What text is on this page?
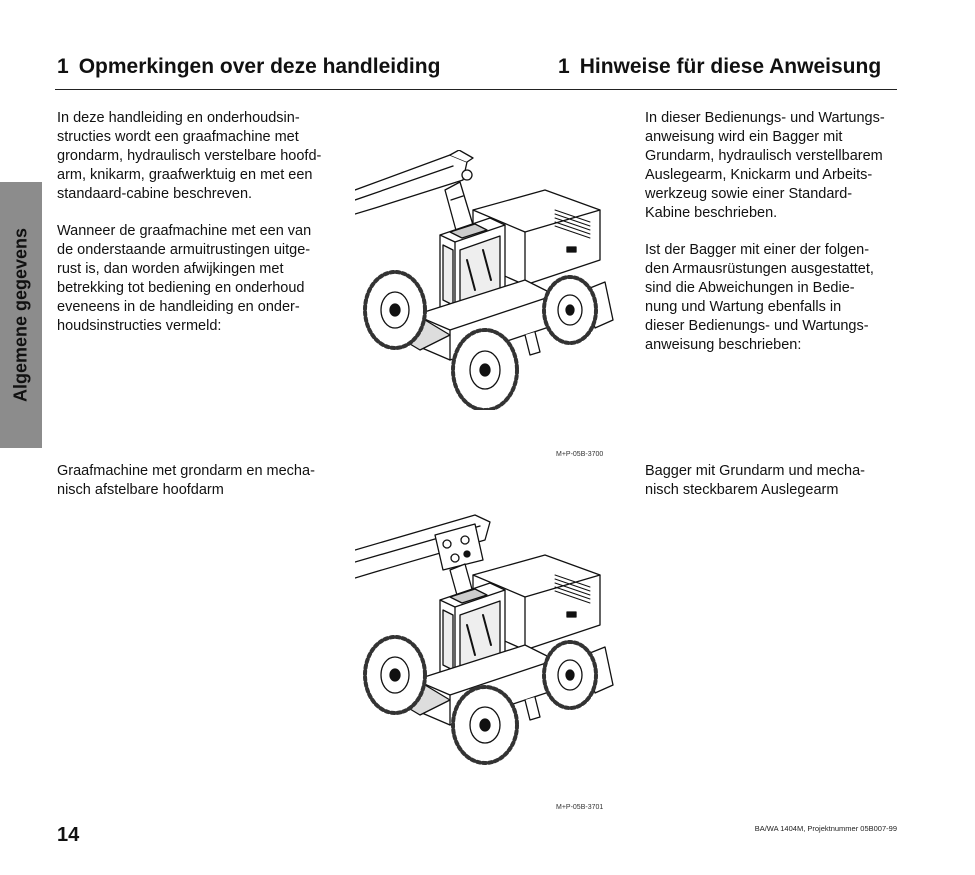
1 Opmerkingen over deze handleiding	1 Hinweise für diese Anweisung
Algemene gegevens
In deze handleiding en onderhoudsin-
structies wordt een graafmachine met
grondarm, hydraulisch verstelbare hoofd-
arm, knikarm, graafwerktuig en met een
standaard-cabine beschreven.
Wanneer de graafmachine met een van
de onderstaande armuitrustingen uitge-
rust is, dan worden afwijkingen met
betrekking tot bediening en onderhoud
eveneens in de handleiding en onder-
houdsinstructies vermeld:
Graafmachine met grondarm en mecha-
nisch afstelbare hoofdarm
In dieser Bedienungs- und Wartungs-
anweisung wird ein Bagger mit
Grundarm, hydraulisch verstellbarem
Auslegearm, Knickarm und Arbeits-
werkzeug sowie einer Standard-
Kabine beschrieben.
Ist der Bagger mit einer der folgen-
den Armausrüstungen ausgestattet,
sind die Abweichungen in Bedie-
nung und Wartung ebenfalls in
dieser Bedienungs- und Wartungs-
anweisung beschrieben:
Bagger mit Grundarm und mecha-
nisch steckbarem Auslegearm
M+P-05B-3700
M+P-05B-3701
14	BA/WA 1404M, Projektnummer 05B007-99
